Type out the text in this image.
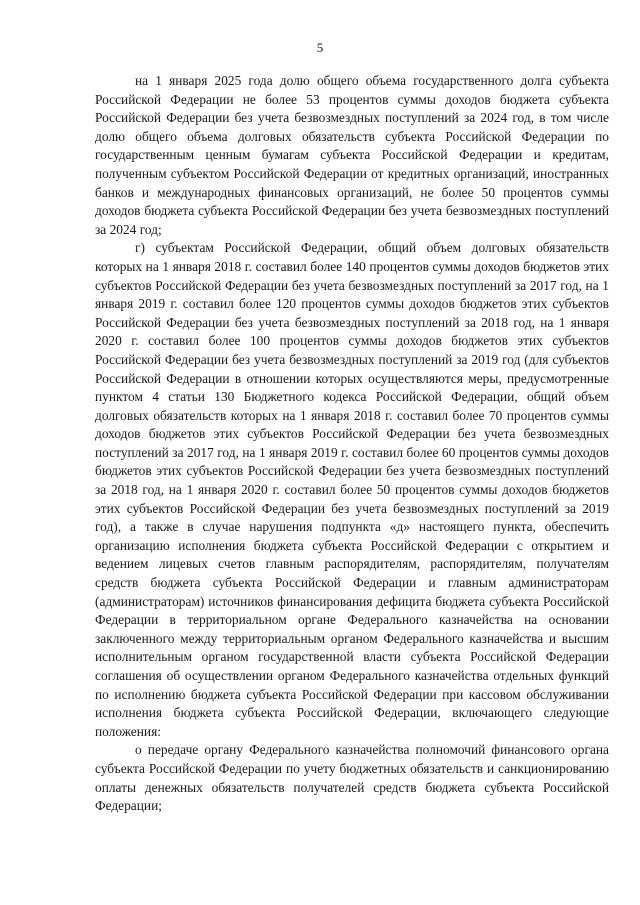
5

на 1 января 2025 года долю общего объема государственного долга субъекта Российской Федерации не более 53 процентов суммы доходов бюджета субъекта Российской Федерации без учета безвозмездных поступлений за 2024 год, в том числе долю общего объема долговых обязательств субъекта Российской Федерации по государственным ценным бумагам субъекта Российской Федерации и кредитам, полученным субъектом Российской Федерации от кредитных организаций, иностранных банков и международных финансовых организаций, не более 50 процентов суммы доходов бюджета субъекта Российской Федерации без учета безвозмездных поступлений за 2024 год;

г) субъектам Российской Федерации, общий объем долговых обязательств которых на 1 января 2018 г. составил более 140 процентов суммы доходов бюджетов этих субъектов Российской Федерации без учета безвозмездных поступлений за 2017 год, на 1 января 2019 г. составил более 120 процентов суммы доходов бюджетов этих субъектов Российской Федерации без учета безвозмездных поступлений за 2018 год, на 1 января 2020 г. составил более 100 процентов суммы доходов бюджетов этих субъектов Российской Федерации без учета безвозмездных поступлений за 2019 год (для субъектов Российской Федерации в отношении которых осуществляются меры, предусмотренные пунктом 4 статьи 130 Бюджетного кодекса Российской Федерации, общий объем долговых обязательств которых на 1 января 2018 г. составил более 70 процентов суммы доходов бюджетов этих субъектов Российской Федерации без учета безвозмездных поступлений за 2017 год, на 1 января 2019 г. составил более 60 процентов суммы доходов бюджетов этих субъектов Российской Федерации без учета безвозмездных поступлений за 2018 год, на 1 января 2020 г. составил более 50 процентов суммы доходов бюджетов этих субъектов Российской Федерации без учета безвозмездных поступлений за 2019 год), а также в случае нарушения подпункта «д» настоящего пункта, обеспечить организацию исполнения бюджета субъекта Российской Федерации с открытием и ведением лицевых счетов главным распорядителям, распорядителям, получателям средств бюджета субъекта Российской Федерации и главным администраторам (администраторам) источников финансирования дефицита бюджета субъекта Российской Федерации в территориальном органе Федерального казначейства на основании заключенного между территориальным органом Федерального казначейства и высшим исполнительным органом государственной власти субъекта Российской Федерации соглашения об осуществлении органом Федерального казначейства отдельных функций по исполнению бюджета субъекта Российской Федерации при кассовом обслуживании исполнения бюджета субъекта Российской Федерации, включающего следующие положения:

о передаче органу Федерального казначейства полномочий финансового органа субъекта Российской Федерации по учету бюджетных обязательств и санкционированию оплаты денежных обязательств получателей средств бюджета субъекта Российской Федерации;
